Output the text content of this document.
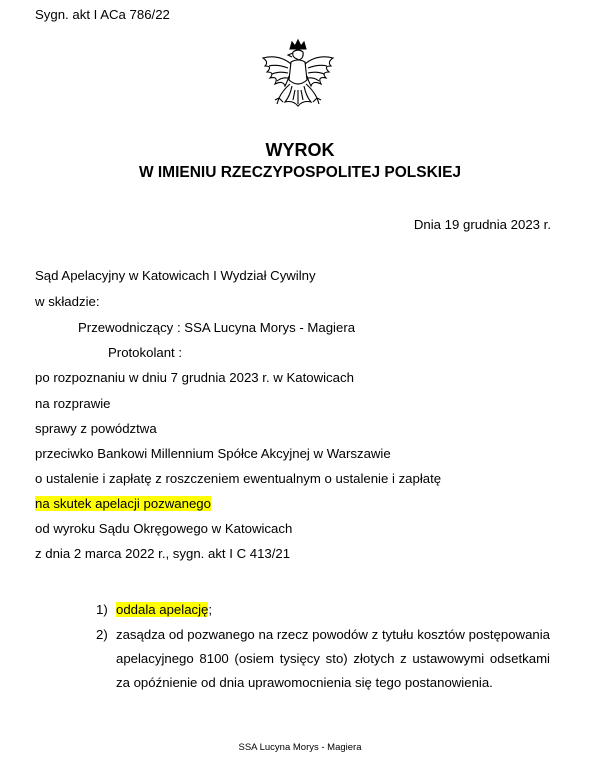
Sygn. akt I ACa 786/22
WYROK
W IMIENIU RZECZYPOSPOLITEJ POLSKIEJ
Dnia 19 grudnia 2023 r.
Sąd Apelacyjny w Katowicach I Wydział Cywilny
w składzie:
Przewodniczący : SSA Lucyna Morys - Magiera
Protokolant :
po rozpoznaniu w dniu 7 grudnia 2023 r. w Katowicach
na rozprawie
sprawy z powództwa
przeciwko Bankowi Millennium Spółce Akcyjnej w Warszawie
o ustalenie i zapłatę z roszczeniem ewentualnym o ustalenie i zapłatę
na skutek apelacji pozwanego
od wyroku Sądu Okręgowego w Katowicach
z dnia 2 marca 2022 r., sygn. akt I C 413/21
1) oddala apelację;
2) zasądza od pozwanego na rzecz powodów z tytułu kosztów postępowania apelacyjnego 8100 (osiem tysięcy sto) złotych z ustawowymi odsetkami za opóźnienie od dnia uprawomocnienia się tego postanowienia.
SSA Lucyna Morys - Magiera
